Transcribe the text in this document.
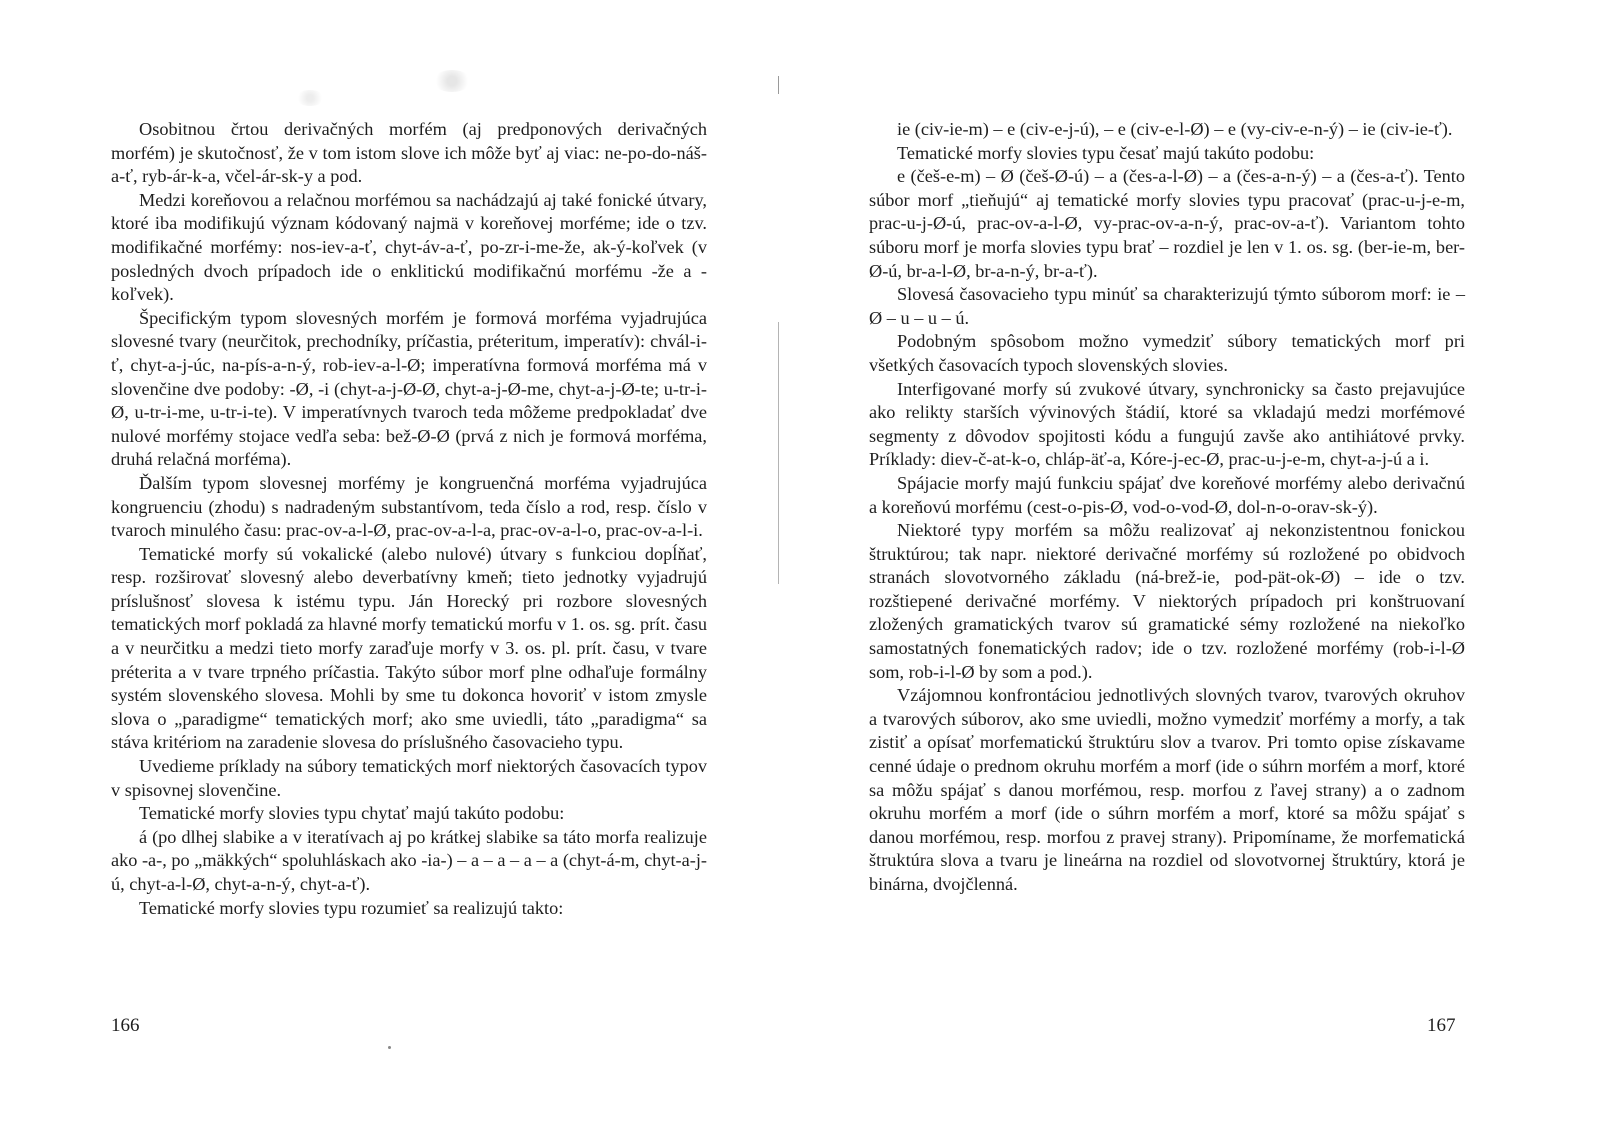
Osobitnou črtou derivačných morfém (aj predponových derivačných morfém) je skutočnosť, že v tom istom slove ich môže byť aj viac: ne-po-do-náš-a-ť, ryb-ár-k-a, včel-ár-sk-y a pod.

Medzi koreňovou a relačnou morfémou sa nachádzajú aj také fonické útvary, ktoré iba modifikujú význam kódovaný najmä v koreňovej morféme; ide o tzv. modifikačné morfémy: nos-iev-a-ť, chyt-áv-a-ť, po-zr-i-me-že, ak-ý-koľvek (v posledných dvoch prípadoch ide o enklitickú modifikačnú morfému -že a -koľvek).

Špecifickým typom slovesných morfém je formová morféma vyjadrujúca slovesné tvary (neurčitok, prechodníky, príčastia, préteritum, imperatív): chvál-i-ť, chyt-a-j-úc, na-pís-a-n-ý, rob-iev-a-l-Ø; imperatívna formová morféma má v slovenčine dve podoby: -Ø, -i (chyt-a-j-Ø-Ø, chyt-a-j-Ø-me, chyt-a-j-Ø-te; u-tr-i-Ø, u-tr-i-me, u-tr-i-te). V imperatívnych tvaroch teda môžeme predpokladať dve nulové morfémy stojace vedľa seba: bež-Ø-Ø (prvá z nich je formová morféma, druhá relačná morféma).

Ďalším typom slovesnej morfémy je kongruenčná morféma vyjadrujúca kongruenciu (zhodu) s nadradeným substantívom, teda číslo a rod, resp. číslo v tvaroch minulého času: prac-ov-a-l-Ø, prac-ov-a-l-a, prac-ov-a-l-o, prac-ov-a-l-i.

Tematické morfy sú vokalické (alebo nulové) útvary s funkciou dopĺňať, resp. rozširovať slovesný alebo deverbatívny kmeň; tieto jednotky vyjadrujú príslušnosť slovesa k istému typu. Ján Horecký pri rozbore slovesných tematických morf pokladá za hlavné morfy tematickú morfu v 1. os. sg. prít. času a v neurčitku a medzi tieto morfy zaraďuje morfy v 3. os. pl. prít. času, v tvare préterita a v tvare trpného príčastia. Takýto súbor morf plne odhaľuje formálny systém slovenského slovesa. Mohli by sme tu dokonca hovoriť v istom zmysle slova o „paradigme“ tematických morf; ako sme uviedli, táto „paradigma“ sa stáva kritériom na zaradenie slovesa do príslušného časovacieho typu.

Uvedieme príklady na súbory tematických morf niektorých časovacích typov v spisovnej slovenčine.

Tematické morfy slovies typu chytať majú takúto podobu:

á (po dlhej slabike a v iteratívach aj po krátkej slabike sa táto morfa realizuje ako -a-, po „mäkkých“ spoluhláskach ako -ia-) – a – a – a – a (chyt-á-m, chyt-a-j-ú, chyt-a-l-Ø, chyt-a-n-ý, chyt-a-ť).

Tematické morfy slovies typu rozumieť sa realizujú takto:

166

ie (civ-ie-m) – e (civ-e-j-ú), – e (civ-e-l-Ø) – e (vy-civ-e-n-ý) – ie (civ-ie-ť).

Tematické morfy slovies typu česať majú takúto podobu:

e (češ-e-m) – Ø (češ-Ø-ú) – a (čes-a-l-Ø) – a (čes-a-n-ý) – a (čes-a-ť). Tento súbor morf „tieňujú“ aj tematické morfy slovies typu pracovať (prac-u-j-e-m, prac-u-j-Ø-ú, prac-ov-a-l-Ø, vy-prac-ov-a-n-ý, prac-ov-a-ť). Variantom tohto súboru morf je morfa slovies typu brať – rozdiel je len v 1. os. sg. (ber-ie-m, ber-Ø-ú, br-a-l-Ø, br-a-n-ý, br-a-ť).

Slovesá časovacieho typu minúť sa charakterizujú týmto súborom morf: ie – Ø – u – u – ú.

Podobným spôsobom možno vymedziť súbory tematických morf pri všetkých časovacích typoch slovenských slovies.

Interfigované morfy sú zvukové útvary, synchronicky sa často prejavujúce ako relikty starších vývinových štádií, ktoré sa vkladajú medzi morfémové segmenty z dôvodov spojitosti kódu a fungujú zavše ako antihiátové prvky. Príklady: diev-č-at-k-o, chláp-äť-a, Kóre-j-ec-Ø, prac-u-j-e-m, chyt-a-j-ú a i.

Spájacie morfy majú funkciu spájať dve koreňové morfémy alebo derivačnú a koreňovú morfému (cest-o-pis-Ø, vod-o-vod-Ø, dol-n-o-orav-sk-ý).

Niektoré typy morfém sa môžu realizovať aj nekonzistentnou fonickou štruktúrou; tak napr. niektoré derivačné morfémy sú rozložené po obidvoch stranách slovotvorného základu (ná-brež-ie, pod-pät-ok-Ø) – ide o tzv. rozštiepené derivačné morfémy. V niektorých prípadoch pri konštruovaní zložených gramatických tvarov sú gramatické sémy rozložené na niekoľko samostatných fonematických radov; ide o tzv. rozložené morfémy (rob-i-l-Ø som, rob-i-l-Ø by som a pod.).

Vzájomnou konfrontáciou jednotlivých slovných tvarov, tvarových okruhov a tvarových súborov, ako sme uviedli, možno vymedziť morfémy a morfy, a tak zistiť a opísať morfematickú štruktúru slov a tvarov. Pri tomto opise získavame cenné údaje o prednom okruhu morfém a morf (ide o súhrn morfém a morf, ktoré sa môžu spájať s danou morfémou, resp. morfou z ľavej strany) a o zadnom okruhu morfém a morf (ide o súhrn morfém a morf, ktoré sa môžu spájať s danou morfémou, resp. morfou z pravej strany). Pripomíname, že morfematická štruktúra slova a tvaru je lineárna na rozdiel od slovotvornej štruktúry, ktorá je binárna, dvojčlenná.

167
